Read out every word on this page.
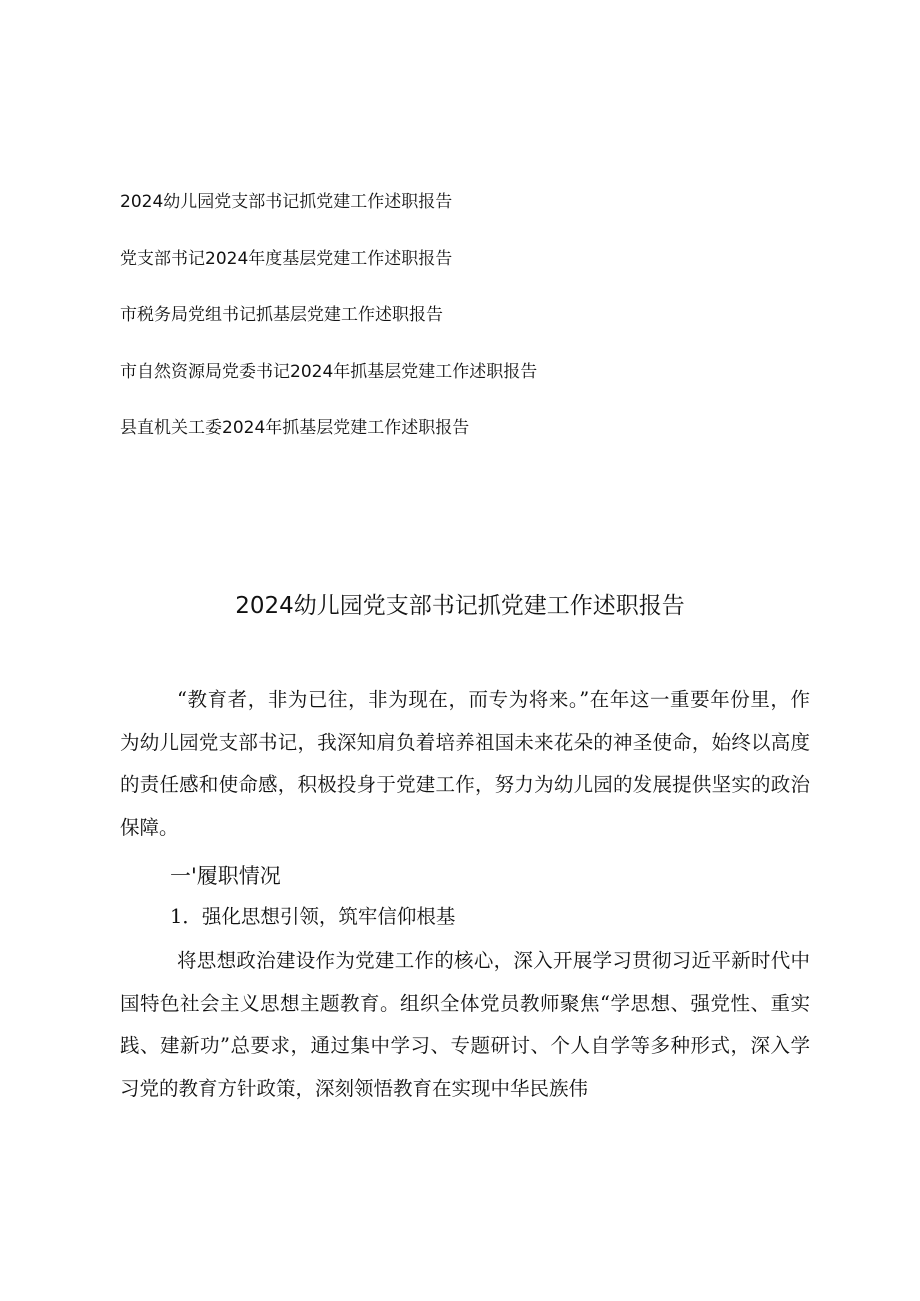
2024幼儿园党支部书记抓党建工作述职报告
党支部书记2024年度基层党建工作述职报告
市税务局党组书记抓基层党建工作述职报告
市自然资源局党委书记2024年抓基层党建工作述职报告
县直机关工委2024年抓基层党建工作述职报告
2024幼儿园党支部书记抓党建工作述职报告
“教育者，非为已往，非为现在，而专为将来。”在年这一重要年份里，作为幼儿园党支部书记，我深知肩负着培养祖国未来花朵的神圣使命，始终以高度的责任感和使命感，积极投身于党建工作，努力为幼儿园的发展提供坚实的政治保障。
一'履职情况
1．强化思想引领，筑牢信仰根基
将思想政治建设作为党建工作的核心，深入开展学习贯彻习近平新时代中国特色社会主义思想主题教育。组织全体党员教师聚焦“学思想、强党性、重实践、建新功”总要求，通过集中学习、专题研讨、个人自学等多种形式，深入学习党的教育方针政策，深刻领悟教育在实现中华民族伟
